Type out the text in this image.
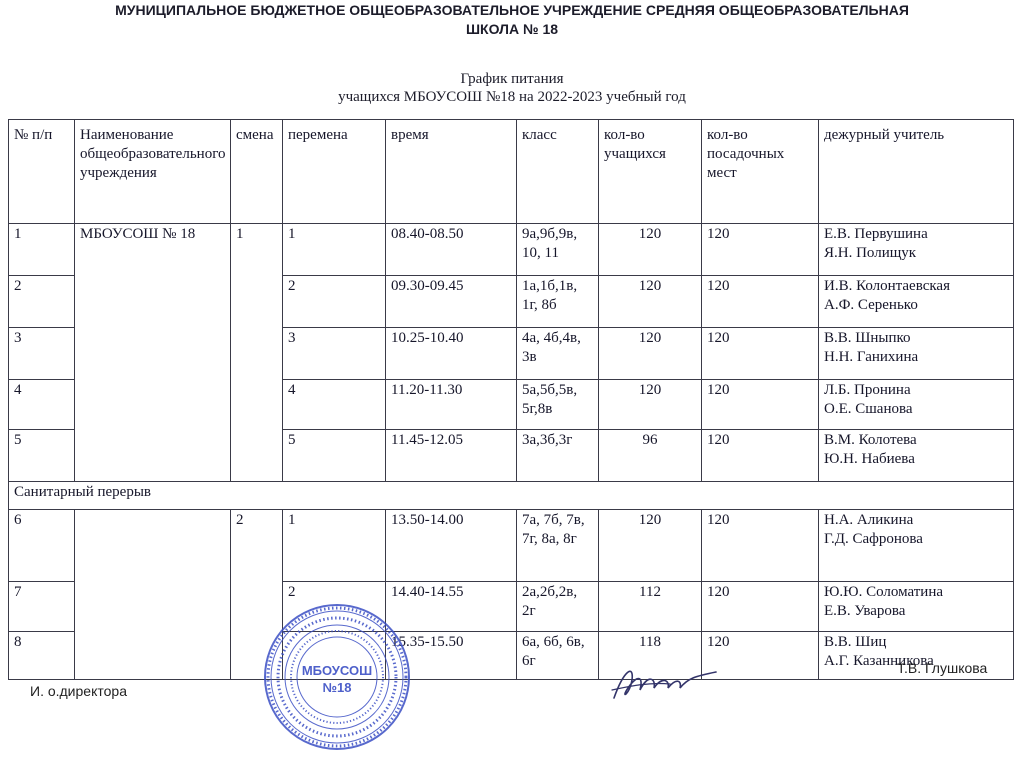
МУНИЦИПАЛЬНОЕ БЮДЖЕТНОЕ ОБЩЕОБРАЗОВАТЕЛЬНОЕ УЧРЕЖДЕНИЕ СРЕДНЯЯ ОБЩЕОБРАЗОВАТЕЛЬНАЯ
ШКОЛА № 18
График питания
учащихся МБОУСОШ №18 на 2022-2023 учебный год
№ п/п	Наименование общеобразовательного учреждения	смена	перемена	время	класс	кол-во учащихся	кол-во посадочных мест	дежурный учитель
1	МБОУСОШ № 18	1	1	08.40-08.50	9а,9б,9в, 10, 11	120	120	Е.В. Первушина
Я.Н. Полищук

2			2	09.30-09.45	1а,1б,1в, 1г, 8б	120	120	И.В. Колонтаевская
А.Ф. Серенько

3			3	10.25-10.40	4а, 4б,4в, 3в	120	120	В.В. Шныпко
Н.Н. Ганихина

4			4	11.20-11.30	5а,5б,5в, 5г,8в	120	120	Л.Б. Пронина
О.Е. Сшанова

5			5	11.45-12.05	3а,3б,3г	96	120	В.М. Колотева
Ю.Н. Набиева

Санитарный перерыв								
6		2	1	13.50-14.00	7а, 7б, 7в, 7г, 8а, 8г	120	120	Н.А. Аликина
Г.Д. Сафронова

7			2	14.40-14.55	2а,2б,2в, 2г	112	120	Ю.Ю. Соломатина
Е.В. Уварова

8				15.35-15.50	6а, 6б, 6в, 6г	118	120	В.В. Шиц
А.Г. Казанникова
И. о.директора
Т.В. Глушкова
МБОУСОШ
№18
